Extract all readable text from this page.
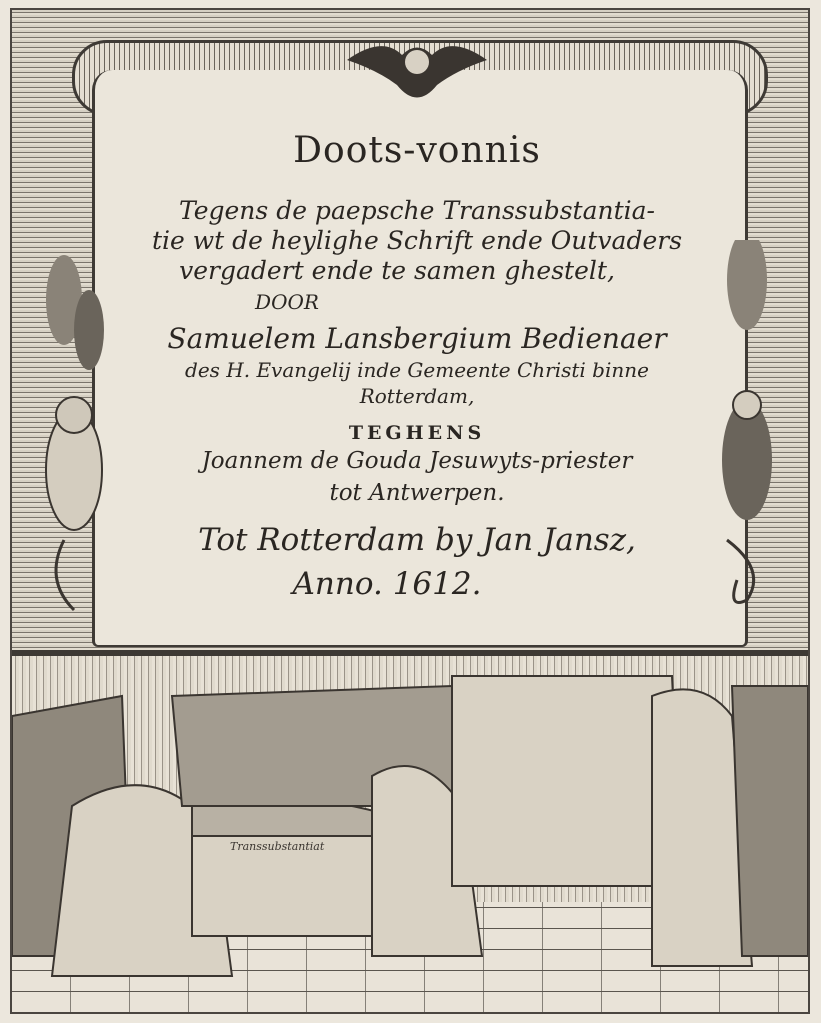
Doots-vonnis
Tegens de paepsche Transsubstantia-
tie wt de heylighe Schrift ende Outvaders
vergadert ende te samen ghestelt,
DOOR
Samuelem Lansbergium Bedienaer
des H. Evangelij inde Gemeente Christi binne
Rotterdam,
TEGHENS
Joannem de Gouda Jesuwyts-priester
tot Antwerpen.
Tot Rotterdam by Jan Jansz,
Anno. 1612.
Transsubstantiat
